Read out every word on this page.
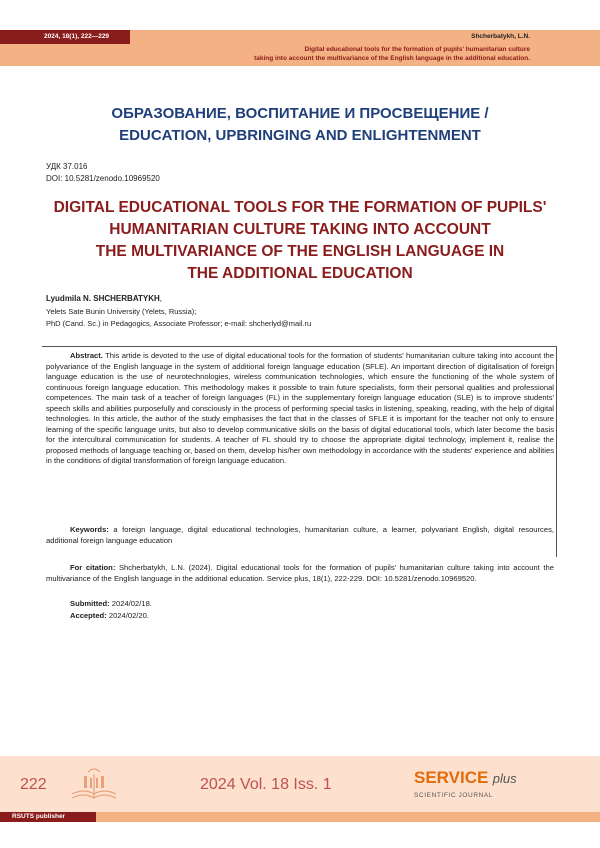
2024, 18(1), 222—229	Shcherbatykh, L.N.
Digital educational tools for the formation of pupils' humanitarian culture
taking into account the multivariance of the English language in the additional education.
ОБРАЗОВАНИЕ, ВОСПИТАНИЕ И ПРОСВЕЩЕНИЕ /
EDUCATION, UPBRINGING AND ENLIGHTENMENT
УДК 37.016
DOI: 10.5281/zenodo.10969520
DIGITAL EDUCATIONAL TOOLS FOR THE FORMATION OF PUPILS'
HUMANITARIAN CULTURE TAKING INTO ACCOUNT
THE MULTIVARIANCE OF THE ENGLISH LANGUAGE IN
THE ADDITIONAL EDUCATION
Lyudmila N. SHCHERBATYKH,
Yelets Sate Bunin University (Yelets, Russia);
PhD (Cand. Sc.) in Pedagogics, Associate Professor; e-mail: shcherlyd@mail.ru
Abstract. This artide is devoted to the use of digital educational tools for the formation of students' humanitarian culture taking into account the polyvariance of the English language in the system of additional foreign language education (SFLE). An important direction of digitalisation of foreign language education is the use of neurotechnologies, wireless communication technologies, which ensure the functioning of the whole system of continuous foreign language education. This methodology makes it possible to train future specialists, form their personal qualities and professional competences. The main task of a teacher of foreign languages (FL) in the supplementary foreign language education (SLE) is to improve students' speech skills and abilities purposefully and consciously in the process of performing special tasks in listening, speaking, reading, with the help of digital technologies. In this article, the author of the study emphasises the fact that in the classes of SFLE it is important for the teacher not only to ensure learning of the specific language units, but also to develop communicative skills on the basis of digital educational tools, which later become the basis for the intercultural communication for students. A teacher of FL should try to choose the appropriate digital technology, implement it, realise the proposed methods of language teaching or, based on them, develop his/her own methodology in accordance with the students' experience and abilities in the conditions of digital transformation of foreign language education.
Keywords: a foreign language, digital educational technologies, humanitarian culture, a learner, polyvariant English, digital resources, additional foreign language education
For citation: Shcherbatykh, L.N. (2024). Digital educational tools for the formation of pupils' humanitarian culture taking into account the multivariance of the English language in the additional education. Service plus, 18(1), 222-229. DOI: 10.5281/zenodo.10969520.
Submitted: 2024/02/18.
Accepted: 2024/02/20.
222	2024 Vol. 18 Iss. 1	SERVICE plus
SCIENTIFIC JOURNAL
RSUTS publisher
